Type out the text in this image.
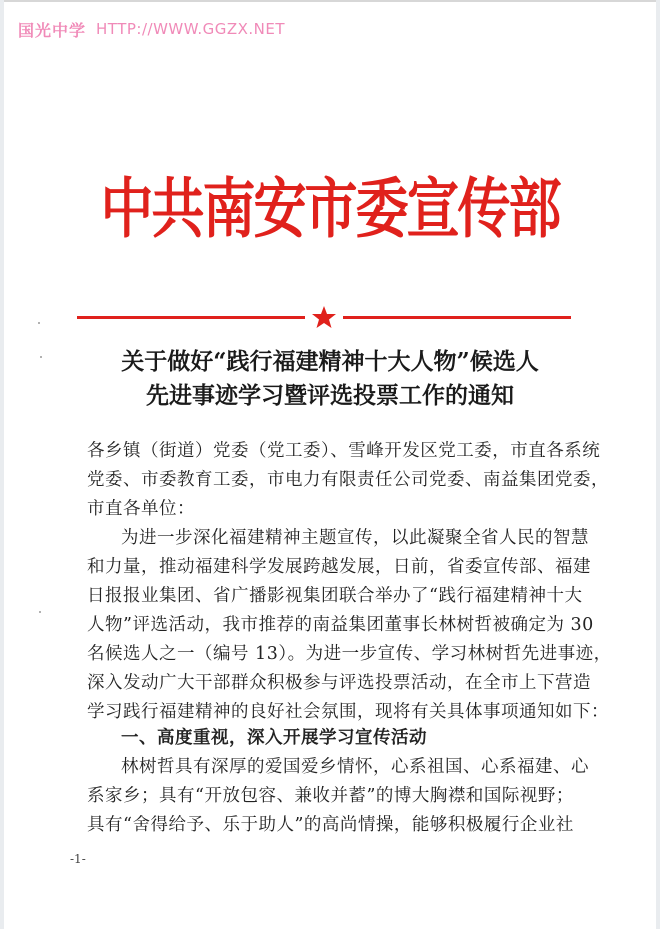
国光中学 HTTP://WWW.GGZX.NET
中共南安市委宣传部
关于做好“践行福建精神十大人物”候选人
先进事迹学习暨评选投票工作的通知
各乡镇（街道）党委（党工委）、雪峰开发区党工委，市直各系统
党委、市委教育工委，市电力有限责任公司党委、南益集团党委，
市直各单位：
为进一步深化福建精神主题宣传，以此凝聚全省人民的智慧
和力量，推动福建科学发展跨越发展，日前，省委宣传部、福建
日报报业集团、省广播影视集团联合举办了“践行福建精神十大
人物”评选活动，我市推荐的南益集团董事长林树哲被确定为 30
名候选人之一（编号 13）。为进一步宣传、学习林树哲先进事迹，
深入发动广大干部群众积极参与评选投票活动，在全市上下营造
学习践行福建精神的良好社会氛围，现将有关具体事项通知如下：
一、高度重视，深入开展学习宣传活动
林树哲具有深厚的爱国爱乡情怀，心系祖国、心系福建、心
系家乡；具有“开放包容、兼收并蓄”的博大胸襟和国际视野；
具有“舍得给予、乐于助人”的高尚情操，能够积极履行企业社
-1-
